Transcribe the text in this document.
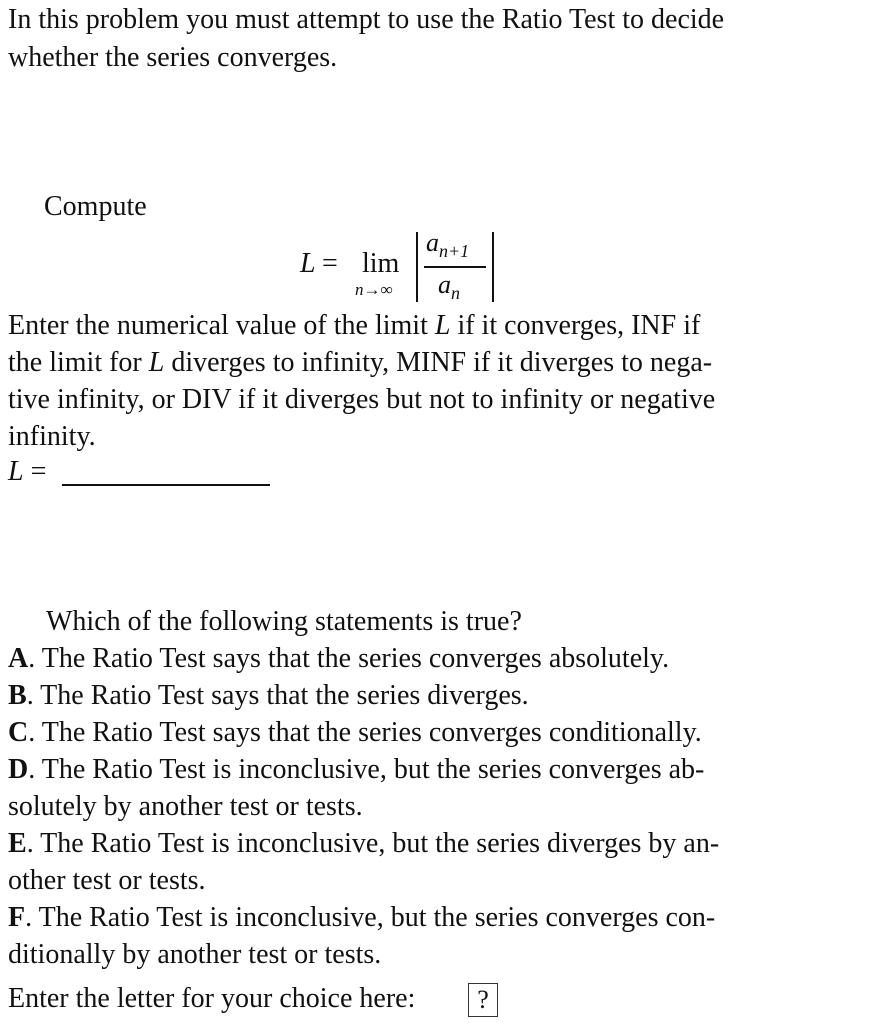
In this problem you must attempt to use the Ratio Test to decide
whether the series converges.
Compute
L = lim
n→∞
$a_{n+1}$
$a_n$
Enter the numerical value of the limit L if it converges, INF if
the limit for L diverges to infinity, MINF if it diverges to nega-
tive infinity, or DIV if it diverges but not to infinity or negative
infinity.
L =
Which of the following statements is true?
A. The Ratio Test says that the series converges absolutely.
B. The Ratio Test says that the series diverges.
C. The Ratio Test says that the series converges conditionally.
D. The Ratio Test is inconclusive, but the series converges ab-
solutely by another test or tests.
E. The Ratio Test is inconclusive, but the series diverges by an-
other test or tests.
F. The Ratio Test is inconclusive, but the series converges con-
ditionally by another test or tests.
Enter the letter for your choice here:	?
